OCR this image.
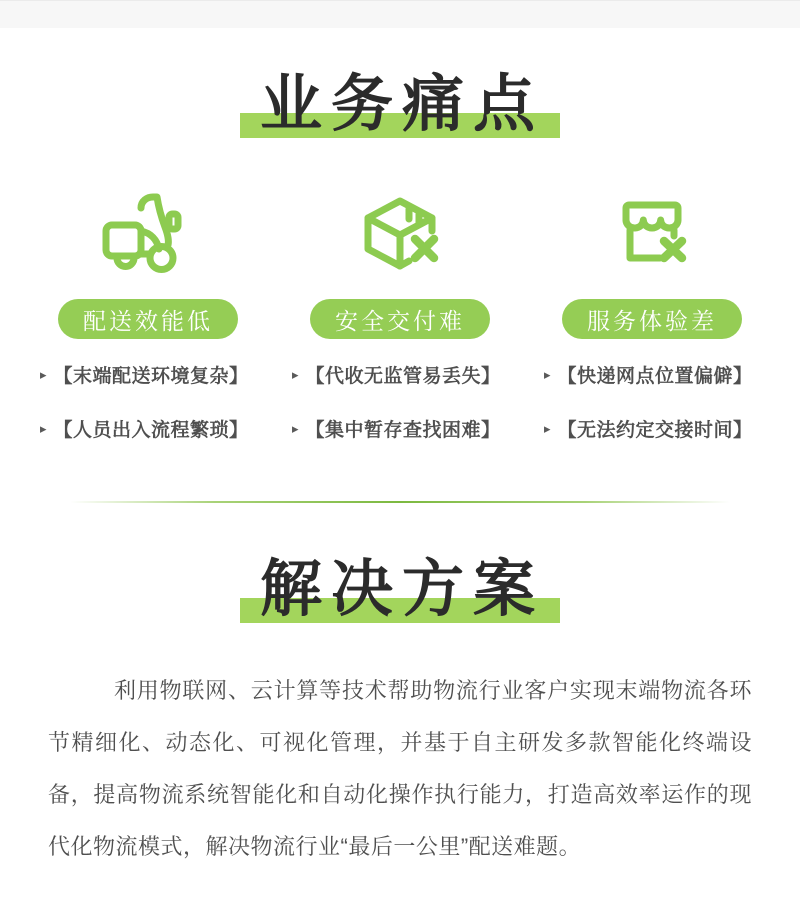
业务痛点
配送效能低
▸ 【末端配送环境复杂】
▸ 【人员出入流程繁琐】
安全交付难
▸ 【代收无监管易丢失】
▸ 【集中暂存查找困难】
服务体验差
▸ 【快递网点位置偏僻】
▸ 【无法约定交接时间】
解决方案

利用物联网、云计算等技术帮助物流行业客户实现末端物流各环节精细化、动态化、可视化管理，并基于自主研发多款智能化终端设备，提高物流系统智能化和自动化操作执行能力，打造高效率运作的现代化物流模式，解决物流行业“最后一公里”配送难题。
